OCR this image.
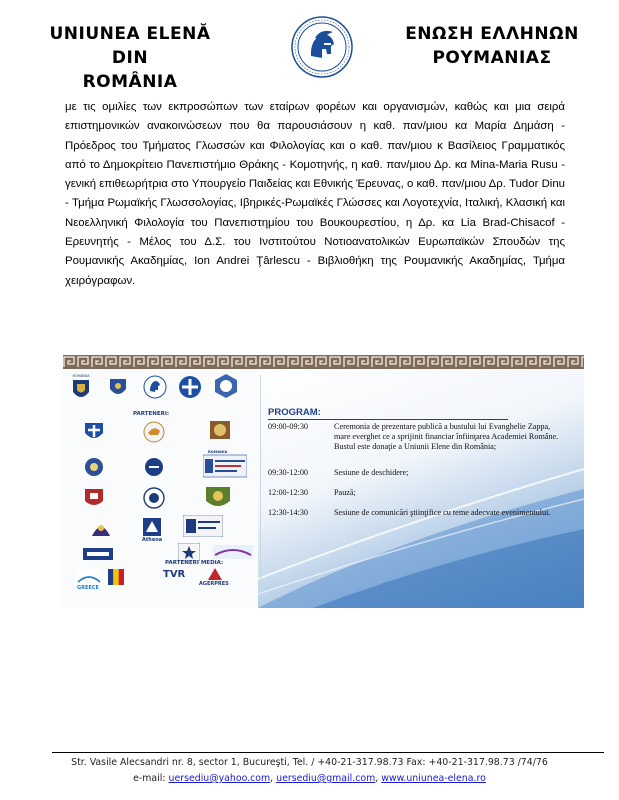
UNIUNEA ELENĂ DIN
ROMÂNIA
ΕΝΩΣΗ ΕΛΛΗΝΩΝ
ΡΟΥΜΑΝΙΑΣ
με τις ομιλίες των εκπροσώπων των εταίρων φορέων και οργανισμών, καθώς και μια σειρά επιστημονικών ανακοινώσεων που θα παρουσιάσουν η καθ. παν/μιου κα Μαρία Δημάση - Πρόεδρος του Τμήματος Γλωσσών και Φιλολογίας και ο καθ. παν/μιου κ Βασίλειος Γραμματικός από το Δημοκρίτειο Πανεπιστήμιο Θράκης - Κομοτηνής, η καθ. παν/μιου Δρ. κα Mina-Maria Rusu - γενική επιθεωρήτρια στο Υπουργείο Παιδείας και Εθνικής Έρευνας, ο καθ. παν/μιου Δρ. Tudor Dinu - Τμήμα Ρωμαϊκής Γλωσσολογίας, Ιβηρικές-Ρωμαϊκές Γλώσσες και Λογοτεχνία, Ιταλική, Κλασική και Νεοελληνική Φιλολογία του Πανεπιστημίου του Βουκουρεστίου, η Δρ. κα Lia Brad-Chisacof - Ερευνητής - Μέλος του Δ.Σ. του Ινστιτούτου Νοτιοανατολικών Ευρωπαϊκών Σπουδών της Ρουμανικής Ακαδημίας, Ion Andrei Ţârlescu - Βιβλιοθήκη της Ρουμανικής Ακαδημίας, Τμήμα χειρόγραφων.
ROMÂNIA
PARTENERI:
ROMANIA
Athena
GREECE
PARTENERI MEDIA:
TVR
AGERPRES
PROGRAM:
09:00-09:30	Ceremonia de prezentare publică a bustului lui Evanghelie Zappa,
mare everghet ce a sprijinit financiar înfiinţarea Academiei Române.
Bustul este donaţie a Uniunii Elene din România;
09:30-12:00	Sesiune de deschidere;
12:00-12:30	Pauză;
12:30-14:30	Sesiune de comunicări ştiinţifice cu teme adecvate evenimentului.
Str. Vasile Alecsandri nr. 8, sector 1, Bucureşti, Tel. / +40-21-317.98.73 Fax: +40-21-317.98.73 /74/76
e-mail: uersediu@yahoo.com, uersediu@gmail.com, www.uniunea-elena.ro
